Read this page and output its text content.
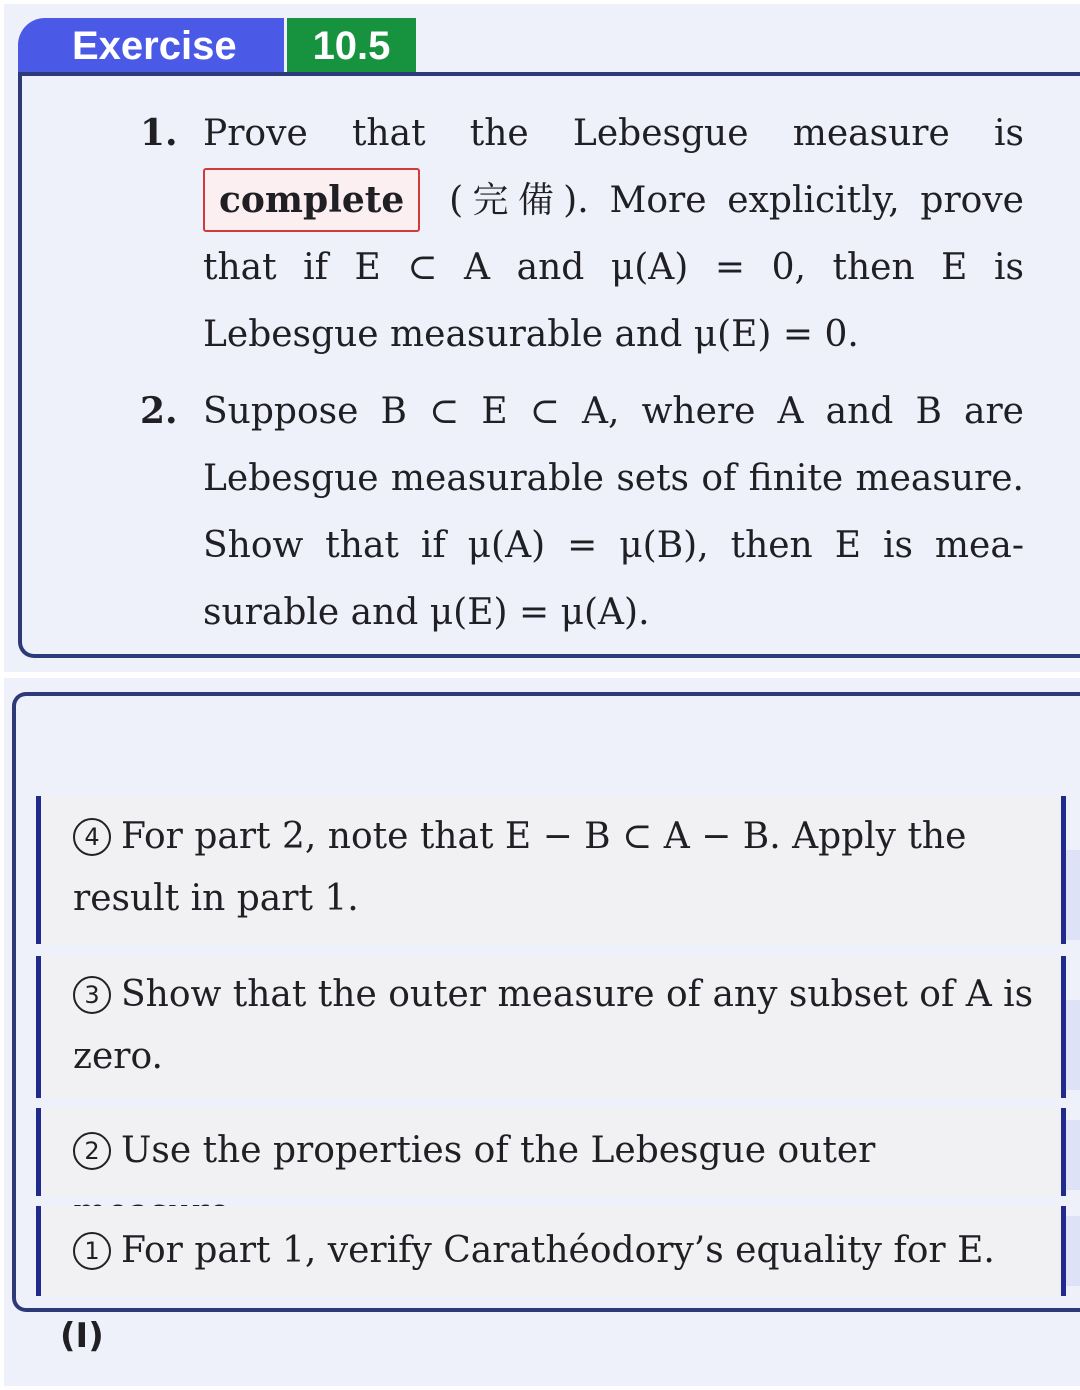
Exercise	10.5
1. Prove that the Lebesgue measure is
complete (完備). More explicitly, prove
that if E ⊂ A and μ(A) = 0, then E is
Lebesgue measurable and μ(E) = 0.
2. Suppose B ⊂ E ⊂ A, where A and B are
Lebesgue measurable sets of finite measure.
Show that if μ(A) = μ(B), then E is mea-
surable and μ(E) = μ(A).
4 For part 2, note that E − B ⊂ A − B. Apply the
result in part 1.
3 Show that the outer measure of any subset of A is
zero.
2 Use the properties of the Lebesgue outer
1 For part 1, verify Carathéodory’s equality for E.
(I)
